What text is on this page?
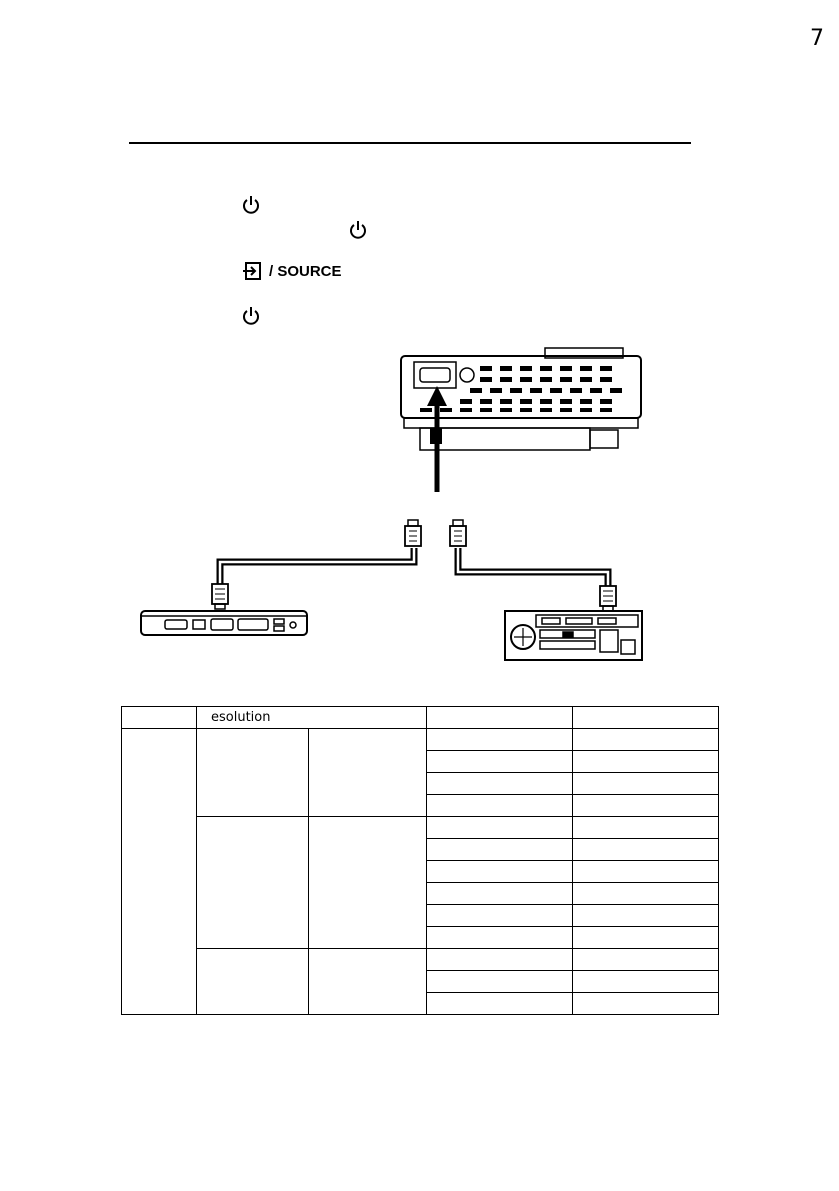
7
/ SOURCE
	esolution			
